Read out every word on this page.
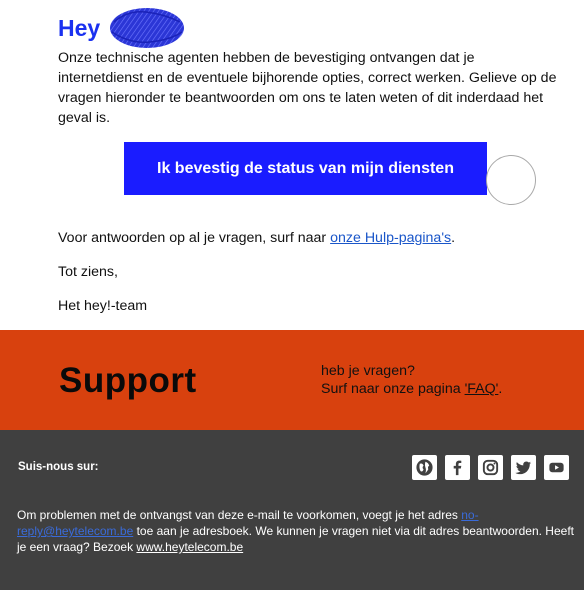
Hey

Onze technische agenten hebben de bevestiging ontvangen dat je internetdienst en de eventuele bijhorende opties, correct werken. Gelieve op de vragen hieronder te beantwoorden om ons te laten weten of dit inderdaad het geval is.

Ik bevestig de status van mijn diensten

Voor antwoorden op al je vragen, surf naar onze Hulp-pagina's.

Tot ziens,

Het hey!-team

Support	heb je vragen?
Surf naar onze pagina 'FAQ'.
Suis-nous sur:

Om problemen met de ontvangst van deze e-mail te voorkomen, voegt je het adres no-reply@heytelecom.be toe aan je adresboek. We kunnen je vragen niet via dit adres beantwoorden. Heeft je een vraag? Bezoek www.heytelecom.be
